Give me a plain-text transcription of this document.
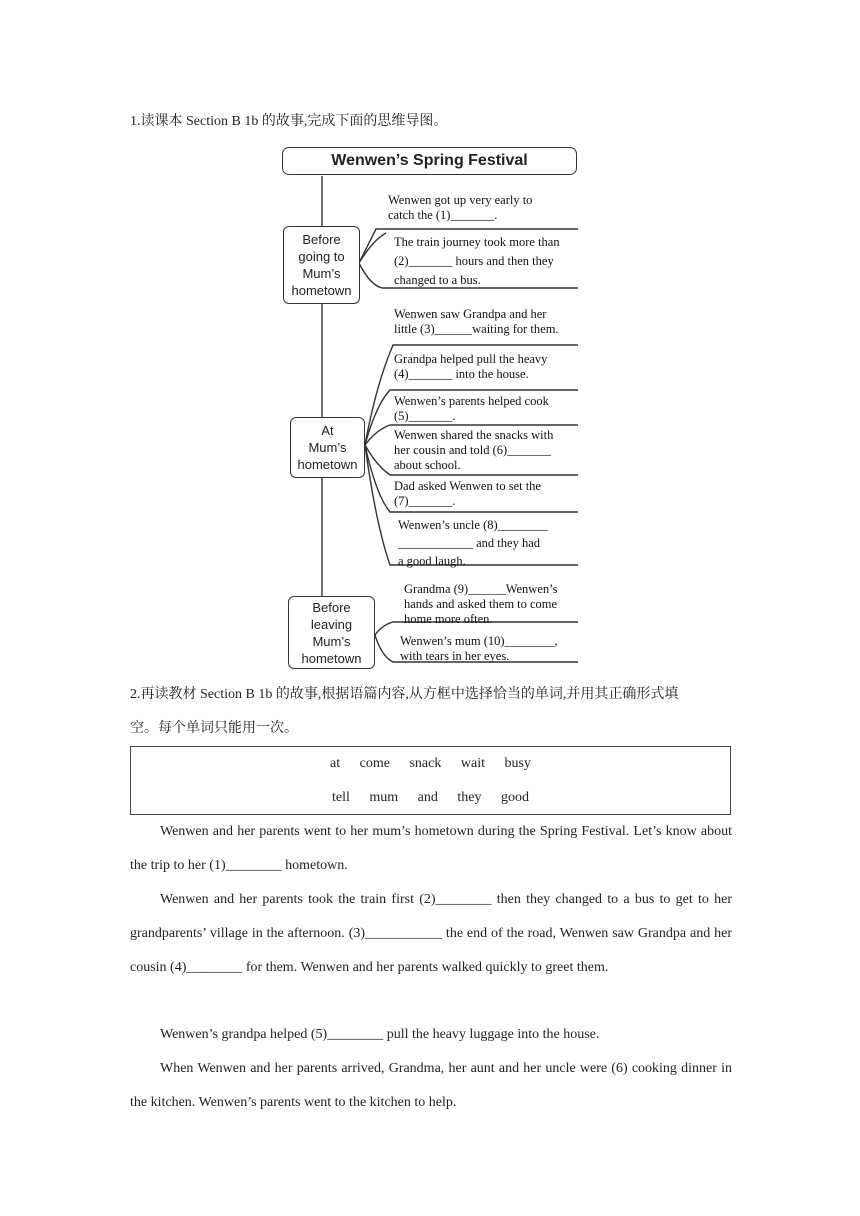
1.读课本 Section B 1b 的故事,完成下面的思维导图。
Wenwen’s Spring Festival
Before
going to
Mum’s
hometown
At
Mum’s
hometown
Before
leaving
Mum’s
hometown
Wenwen got up very early to
catch the (1)_______.
The train journey took more than
(2)_______ hours and then they
changed to a bus.
Wenwen saw Grandpa and her
little (3)______waiting for them.
Grandpa helped pull the heavy
(4)_______ into the house.
Wenwen’s parents helped cook
(5)_______.
Wenwen shared the snacks with
her cousin and told (6)_______
about school.
Dad asked Wenwen to set the
(7)_______.
Wenwen’s uncle (8)________
____________ and they had
a good laugh.
Grandma (9)______Wenwen’s
hands and asked them to come
home more often.
Wenwen’s mum (10)________,
with tears in her eyes.
2.再读教材 Section B 1b 的故事,根据语篇内容,从方框中选择恰当的单词,并用其正确形式填
空。每个单词只能用一次。
at come snack wait busy
tell mum and they good
Wenwen and her parents went to her mum’s hometown during the Spring Festival. Let’s know about the trip to her (1)________ hometown.
Wenwen and her parents took the train first (2)________ then they changed to a bus to get to her grandparents’ village in the afternoon. (3)___________ the end of the road, Wenwen saw Grandpa and her cousin (4)________ for them. Wenwen and her parents walked quickly to greet them.
Wenwen’s grandpa helped (5)________ pull the heavy luggage into the house.
When Wenwen and her parents arrived, Grandma, her aunt and her uncle were (6) cooking dinner in the kitchen. Wenwen’s parents went to the kitchen to help.
